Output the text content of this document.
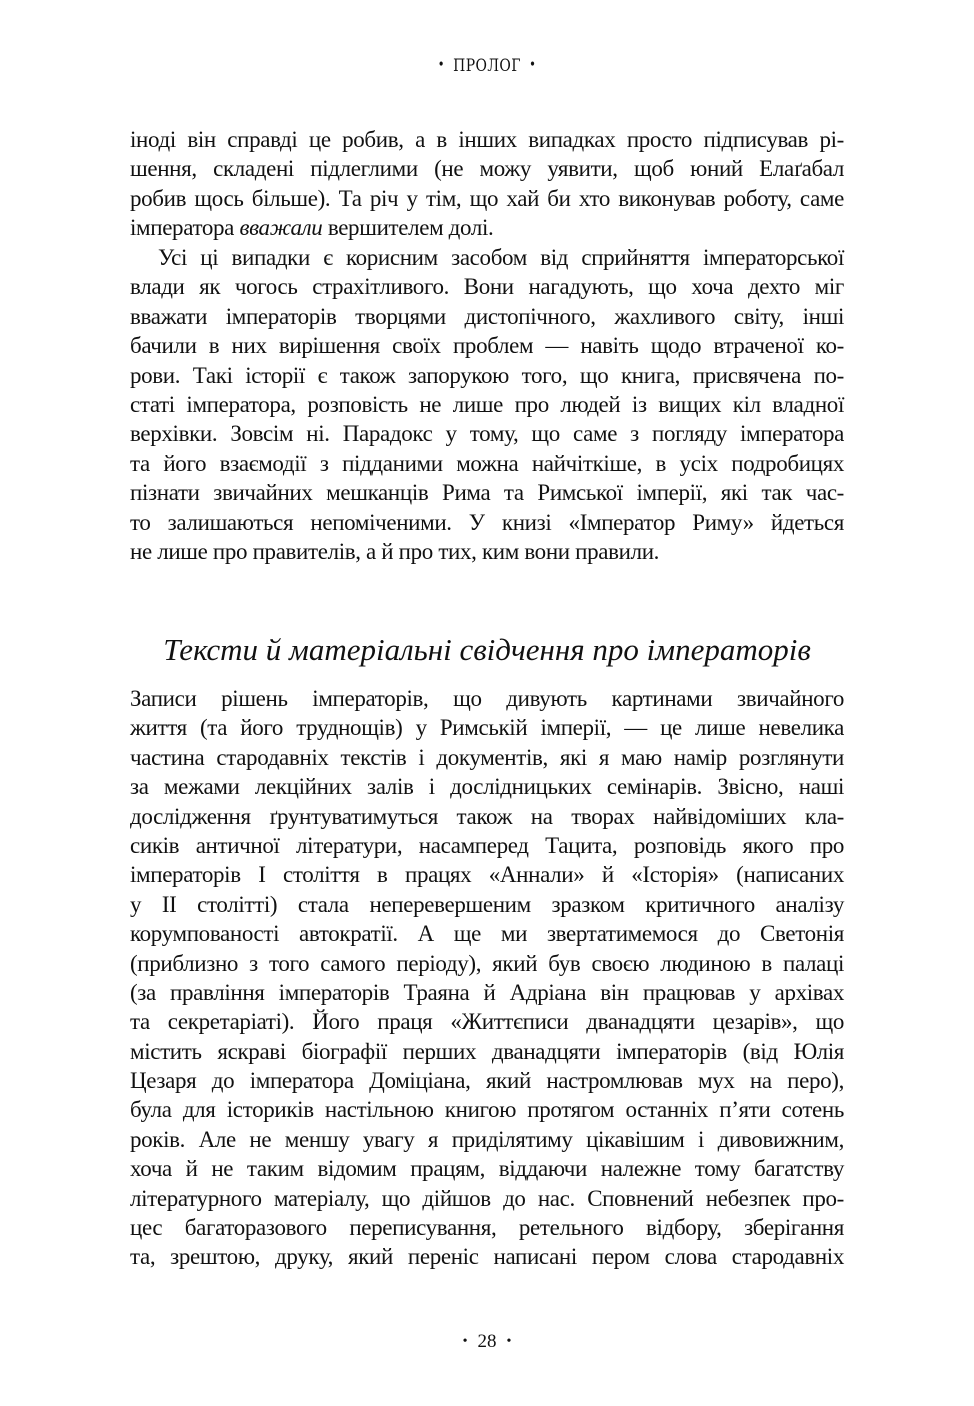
• ПРОЛОГ •
іноді він справді це робив, а в інших випадках просто підписував рі-
шення, складені підлеглими (не можу уявити, щоб юний Елаґабал
робив щось більше). Та річ у тім, що хай би хто виконував роботу, саме
імператора вважали вершителем долі.
Усі ці випадки є корисним засобом від сприйняття імператорської
влади як чогось страхітливого. Вони нагадують, що хоча дехто міг
вважати імператорів творцями дистопічного, жахливого світу, інші
бачили в них вирішення своїх проблем — навіть щодо втраченої ко-
рови. Такі історії є також запорукою того, що книга, присвячена по-
статі імператора, розповість не лише про людей із вищих кіл владної
верхівки. Зовсім ні. Парадокс у тому, що саме з погляду імператора
та його взаємодії з підданими можна найчіткіше, в усіх подробицях
пізнати звичайних мешканців Рима та Римської імперії, які так час-
то залишаються непоміченими. У книзі «Імператор Риму» йдеться
не лише про правителів, а й про тих, ким вони правили.
Тексти й матеріальні свідчення про імператорів
Записи рішень імператорів, що дивують картинами звичайного
життя (та його труднощів) у Римській імперії, — це лише невелика
частина стародавніх текстів і документів, які я маю намір розглянути
за межами лекційних залів і дослідницьких семінарів. Звісно, наші
дослідження ґрунтуватимуться також на творах найвідоміших кла-
сиків античної літератури, насамперед Тацита, розповідь якого про
імператорів І століття в працях «Аннали» й «Історія» (написаних
у ІІ столітті) стала неперевершеним зразком критичного аналізу
корумпованості автократії. А ще ми звертатимемося до Светонія
(приблизно з того самого періоду), який був своєю людиною в палаці
(за правління імператорів Траяна й Адріана він працював у архівах
та секретаріаті). Його праця «Життєписи дванадцяти цезарів», що
містить яскраві біографії перших дванадцяти імператорів (від Юлія
Цезаря до імператора Доміціана, який настромлював мух на перо),
була для істориків настільною книгою протягом останніх п’яти сотень
років. Але не меншу увагу я приділятиму цікавішим і дивовижним,
хоча й не таким відомим працям, віддаючи належне тому багатству
літературного матеріалу, що дійшов до нас. Сповнений небезпек про-
цес багаторазового переписування, ретельного відбору, зберігання
та, зрештою, друку, який переніс написані пером слова стародавніх
• 28 •
